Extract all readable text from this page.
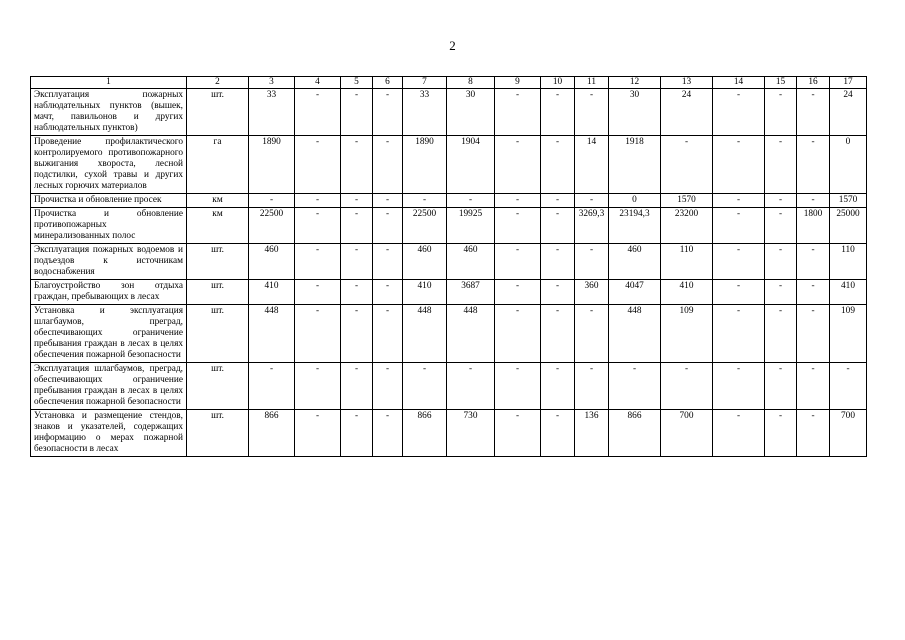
2
1	2	3	4	5	6	7	8	9	10	11	12	13	14	15	16	17
Эксплуатация пожарных наблюдательных пунктов (вышек, мачт, павильонов и других наблюдательных пунктов)	шт.	33	-	-	-	33	30	-	-	-	30	24	-	-	-	24
Проведение профилактического контролируемого противопожарного выжигания хвороста, лесной подстилки, сухой травы и других лесных горючих материалов	га	1890	-	-	-	1890	1904	-	-	14	1918	-	-	-	-	0
Прочистка и обновление просек	км	-	-	-	-	-	-	-	-	-	0	1570	-	-	-	1570
Прочистка и обновление противопожарных минерализованных полос	км	22500	-	-	-	22500	19925	-	-	3269,3	23194,3	23200	-	-	1800	25000
Эксплуатация пожарных водоемов и подъездов к источникам водоснабжения	шт.	460	-	-	-	460	460	-	-	-	460	110	-	-	-	110
Благоустройство зон отдыха граждан, пребывающих в лесах	шт.	410	-	-	-	410	3687	-	-	360	4047	410	-	-	-	410
Установка и эксплуатация шлагбаумов, преград, обеспечивающих ограничение пребывания граждан в лесах в целях обеспечения пожарной безопасности	шт.	448	-	-	-	448	448	-	-	-	448	109	-	-	-	109
Эксплуатация шлагбаумов, преград, обеспечивающих ограничение пребывания граждан в лесах в целях обеспечения пожарной безопасности	шт.	-	-	-	-	-	-	-	-	-	-	-	-	-	-	-
Установка и размещение стендов, знаков и указателей, содержащих информацию о мерах пожарной безопасности в лесах	шт.	866	-	-	-	866	730	-	-	136	866	700	-	-	-	700
